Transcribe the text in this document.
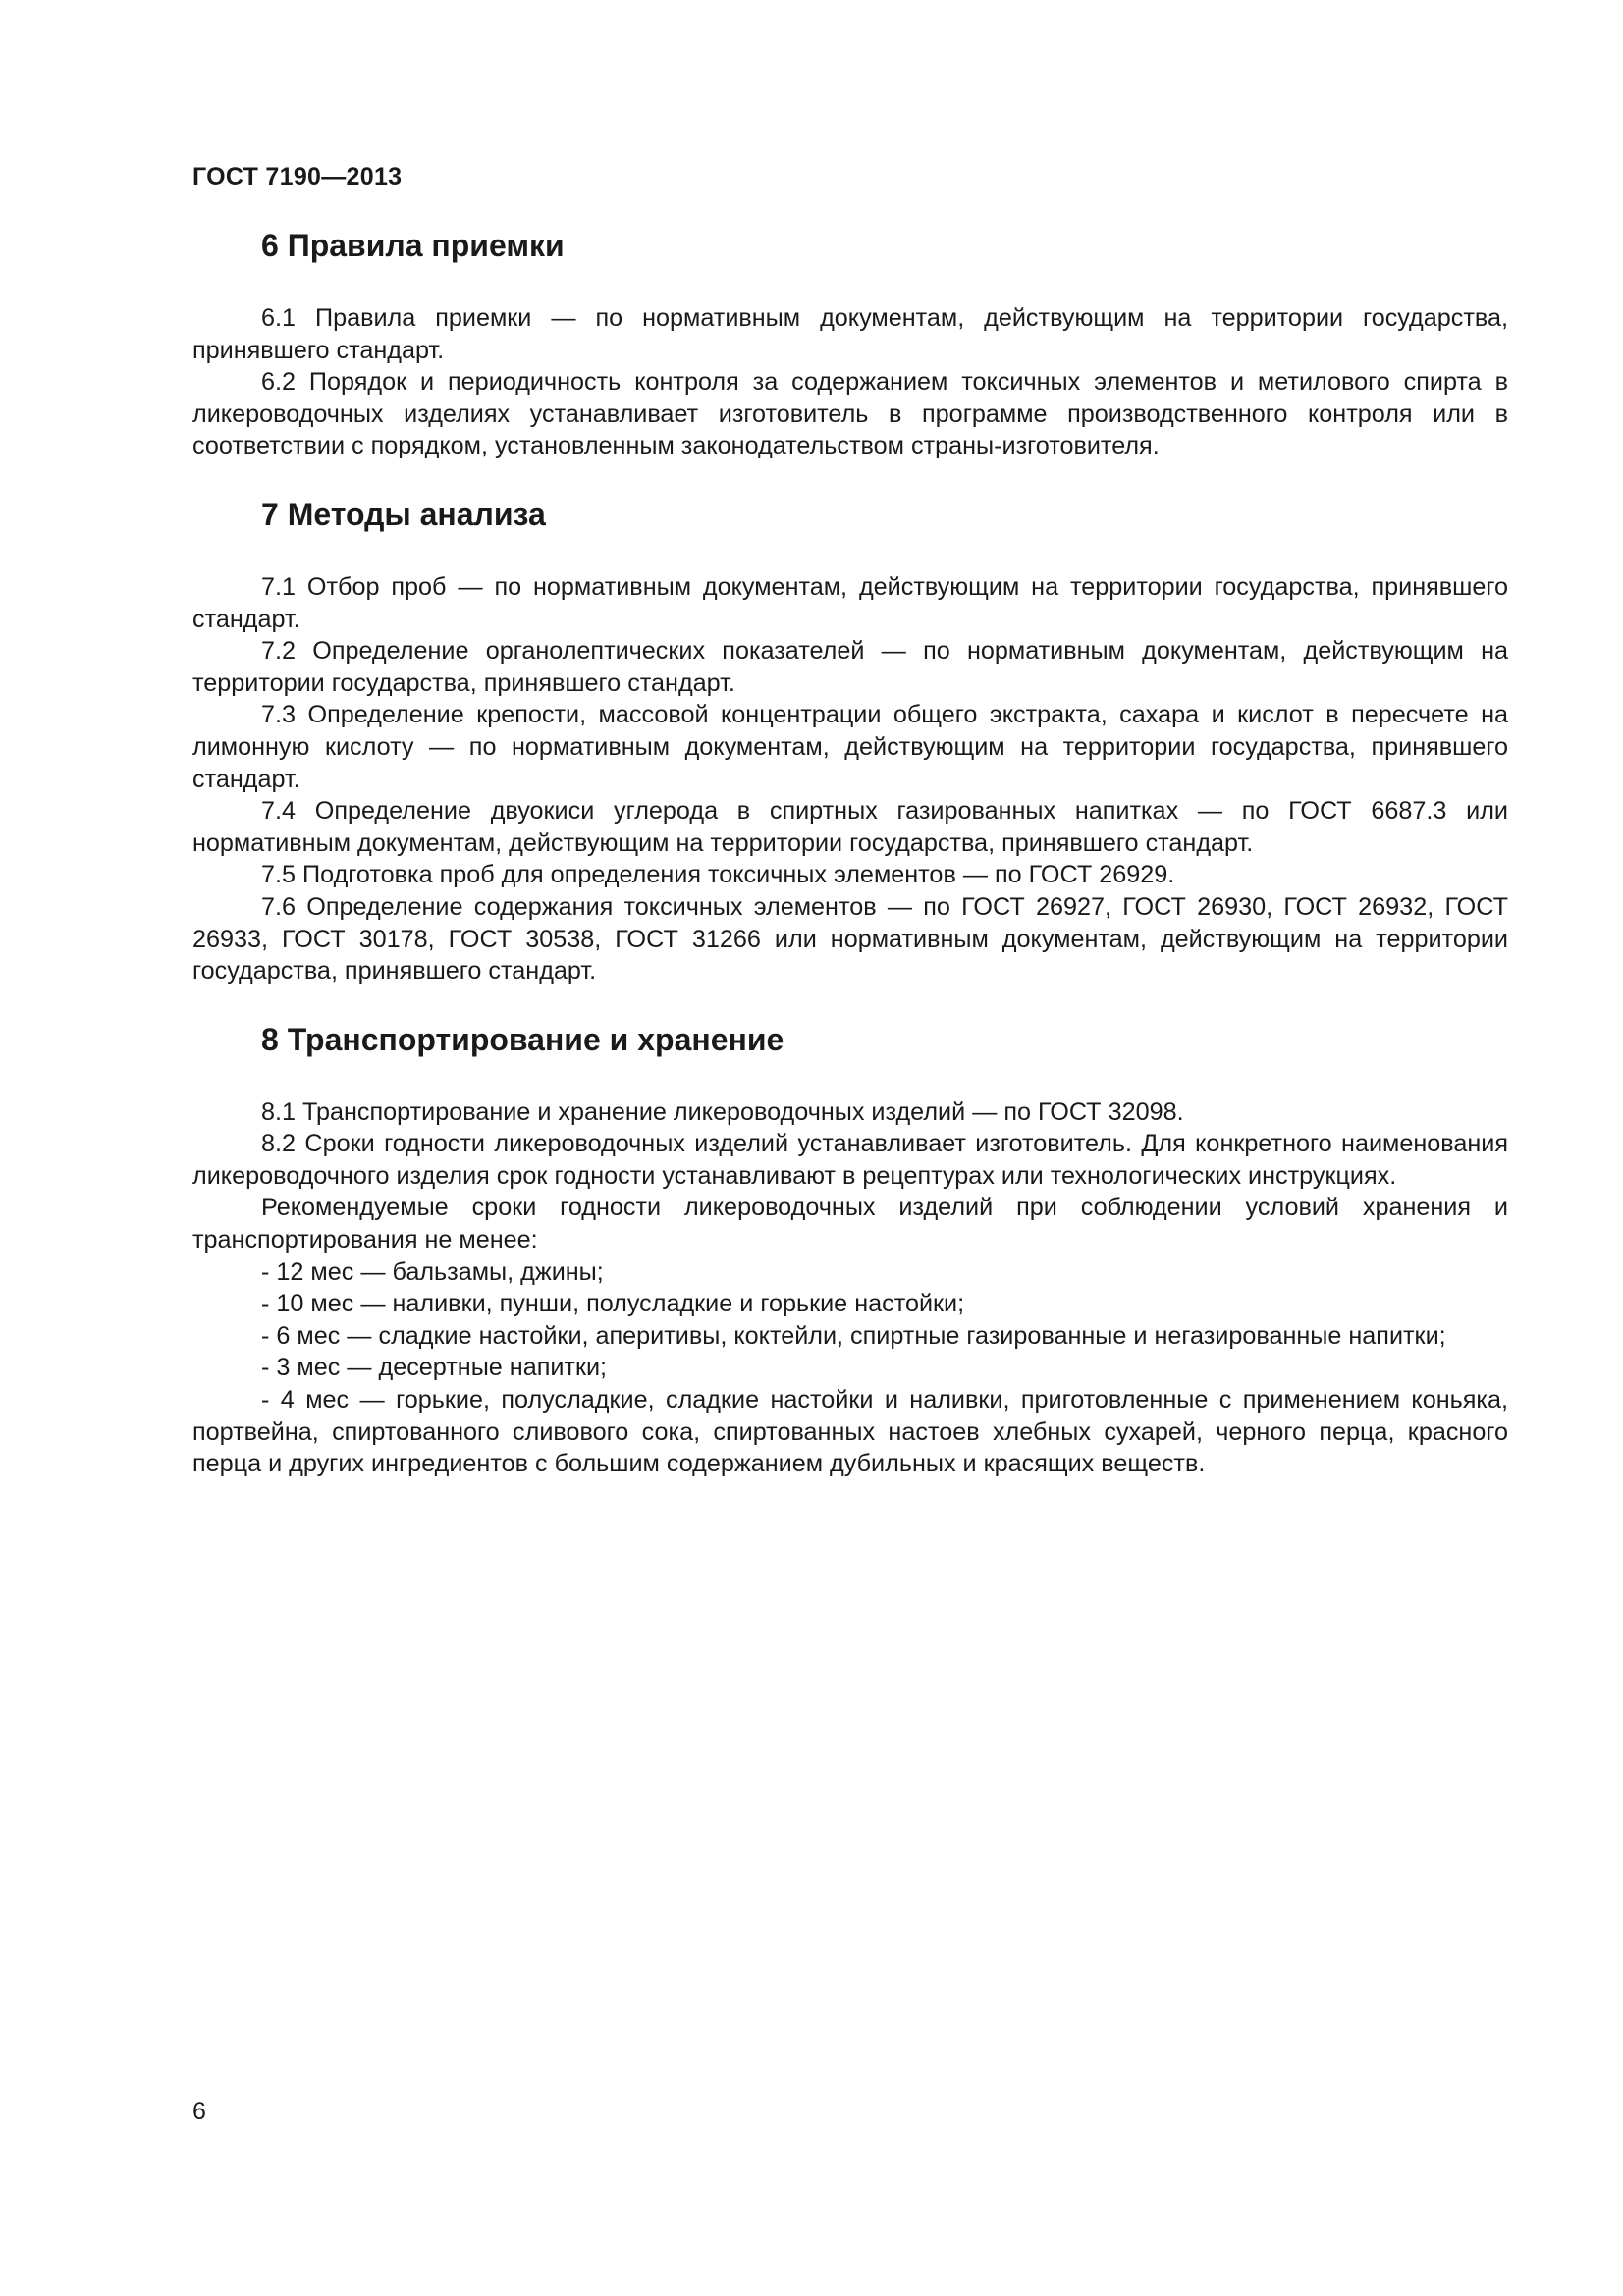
ГОСТ 7190—2013
6 Правила приемки

6.1 Правила приемки — по нормативным документам, действующим на территории государства, принявшего стандарт.

6.2 Порядок и периодичность контроля за содержанием токсичных элементов и метилового спирта в ликероводочных изделиях устанавливает изготовитель в программе производственного контроля или в соответствии с порядком, установленным законодательством страны-изготовителя.

7 Методы анализа

7.1 Отбор проб — по нормативным документам, действующим на территории государства, принявшего стандарт.

7.2 Определение органолептических показателей — по нормативным документам, действующим на территории государства, принявшего стандарт.

7.3 Определение крепости, массовой концентрации общего экстракта, сахара и кислот в пересчете на лимонную кислоту — по нормативным документам, действующим на территории государства, принявшего стандарт.

7.4 Определение двуокиси углерода в спиртных газированных напитках — по ГОСТ 6687.3 или нормативным документам, действующим на территории государства, принявшего стандарт.

7.5 Подготовка проб для определения токсичных элементов — по ГОСТ 26929.

7.6 Определение содержания токсичных элементов — по ГОСТ 26927, ГОСТ 26930, ГОСТ 26932, ГОСТ 26933, ГОСТ 30178, ГОСТ 30538, ГОСТ 31266 или нормативным документам, действующим на территории государства, принявшего стандарт.

8 Транспортирование и хранение

8.1 Транспортирование и хранение ликероводочных изделий — по ГОСТ 32098.

8.2 Сроки годности ликероводочных изделий устанавливает изготовитель. Для конкретного наименования ликероводочного изделия срок годности устанавливают в рецептурах или технологических инструкциях.

Рекомендуемые сроки годности ликероводочных изделий при соблюдении условий хранения и транспортирования не менее:

- 12 мес — бальзамы, джины;

- 10 мес — наливки, пунши, полусладкие и горькие настойки;

- 6 мес — сладкие настойки, аперитивы, коктейли, спиртные газированные и негазированные напитки;

- 3 мес — десертные напитки;

- 4 мес — горькие, полусладкие, сладкие настойки и наливки, приготовленные с применением коньяка, портвейна, спиртованного сливового сока, спиртованных настоев хлебных сухарей, черного перца, красного перца и других ингредиентов с большим содержанием дубильных и красящих веществ.

6
